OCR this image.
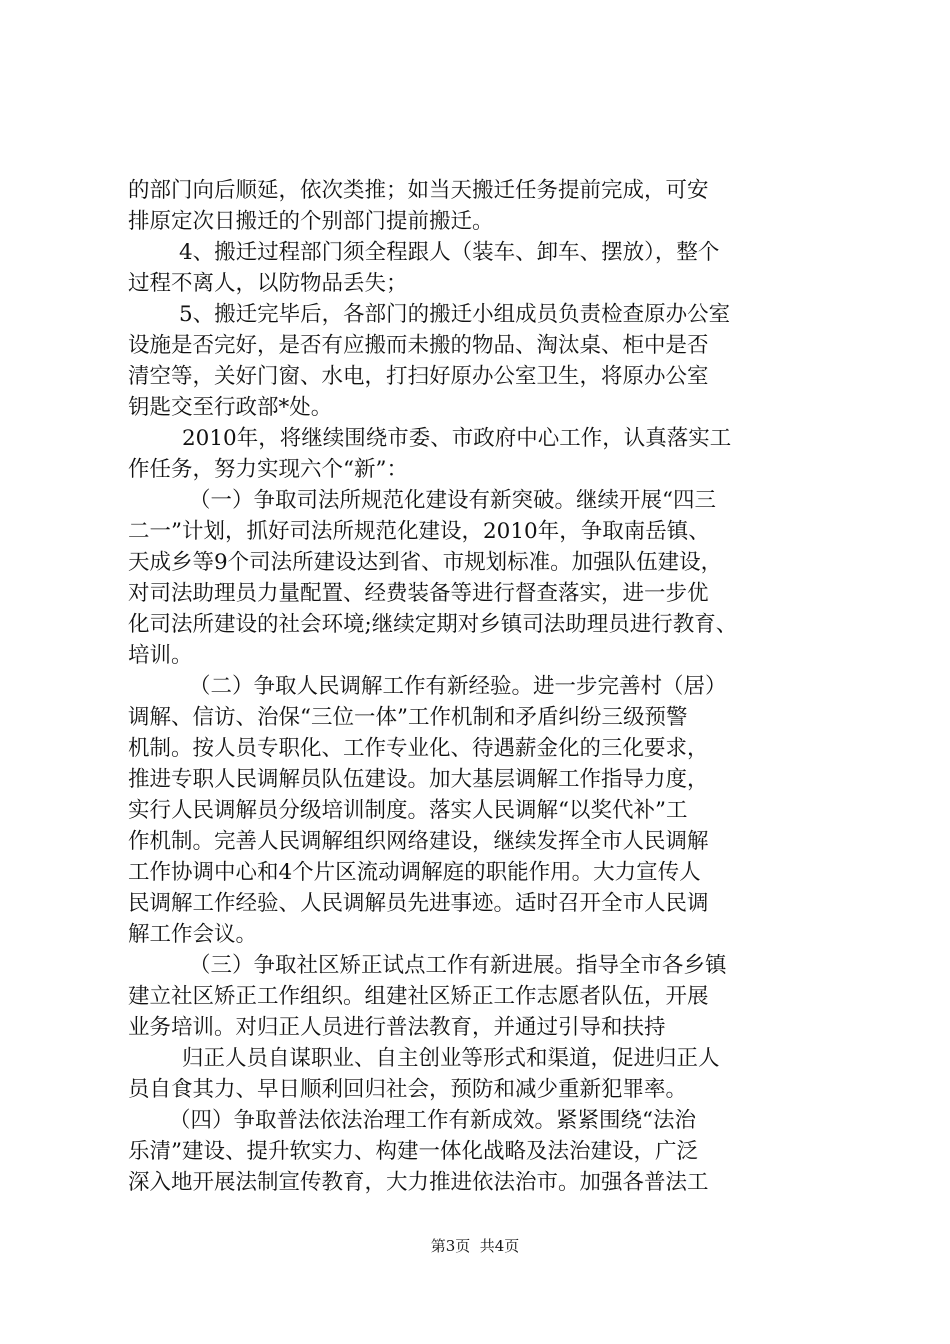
的部门向后顺延，依次类推；如当天搬迁任务提前完成，可安

排原定次日搬迁的个别部门提前搬迁。

4、搬迁过程部门须全程跟人（装车、卸车、摆放），整个

过程不离人，以防物品丢失；

5、搬迁完毕后，各部门的搬迁小组成员负责检查原办公室

设施是否完好，是否有应搬而未搬的物品、淘汰桌、柜中是否

清空等，关好门窗、水电，打扫好原办公室卫生，将原办公室

钥匙交至行政部*处。

2010年，将继续围绕市委、市政府中心工作，认真落实工

作任务，努力实现六个“新”：

（一）争取司法所规范化建设有新突破。继续开展“四三

二一”计划，抓好司法所规范化建设，2010年，争取南岳镇、

天成乡等9个司法所建设达到省、市规划标准。加强队伍建设，

对司法助理员力量配置、经费装备等进行督查落实，进一步优

化司法所建设的社会环境;继续定期对乡镇司法助理员进行教育、

培训。

（二）争取人民调解工作有新经验。进一步完善村（居）

调解、信访、治保“三位一体”工作机制和矛盾纠纷三级预警

机制。按人员专职化、工作专业化、待遇薪金化的三化要求，

推进专职人民调解员队伍建设。加大基层调解工作指导力度，

实行人民调解员分级培训制度。落实人民调解“以奖代补”工

作机制。完善人民调解组织网络建设，继续发挥全市人民调解

工作协调中心和4个片区流动调解庭的职能作用。大力宣传人

民调解工作经验、人民调解员先进事迹。适时召开全市人民调

解工作会议。

（三）争取社区矫正试点工作有新进展。指导全市各乡镇

建立社区矫正工作组织。组建社区矫正工作志愿者队伍，开展

业务培训。对归正人员进行普法教育，并通过引导和扶持

归正人员自谋职业、自主创业等形式和渠道，促进归正人

员自食其力、早日顺利回归社会，预防和减少重新犯罪率。

（四）争取普法依法治理工作有新成效。紧紧围绕“法治

乐清”建设、提升软实力、构建一体化战略及法治建设，广泛

深入地开展法制宣传教育，大力推进依法治市。加强各普法工

第3页  共4页
